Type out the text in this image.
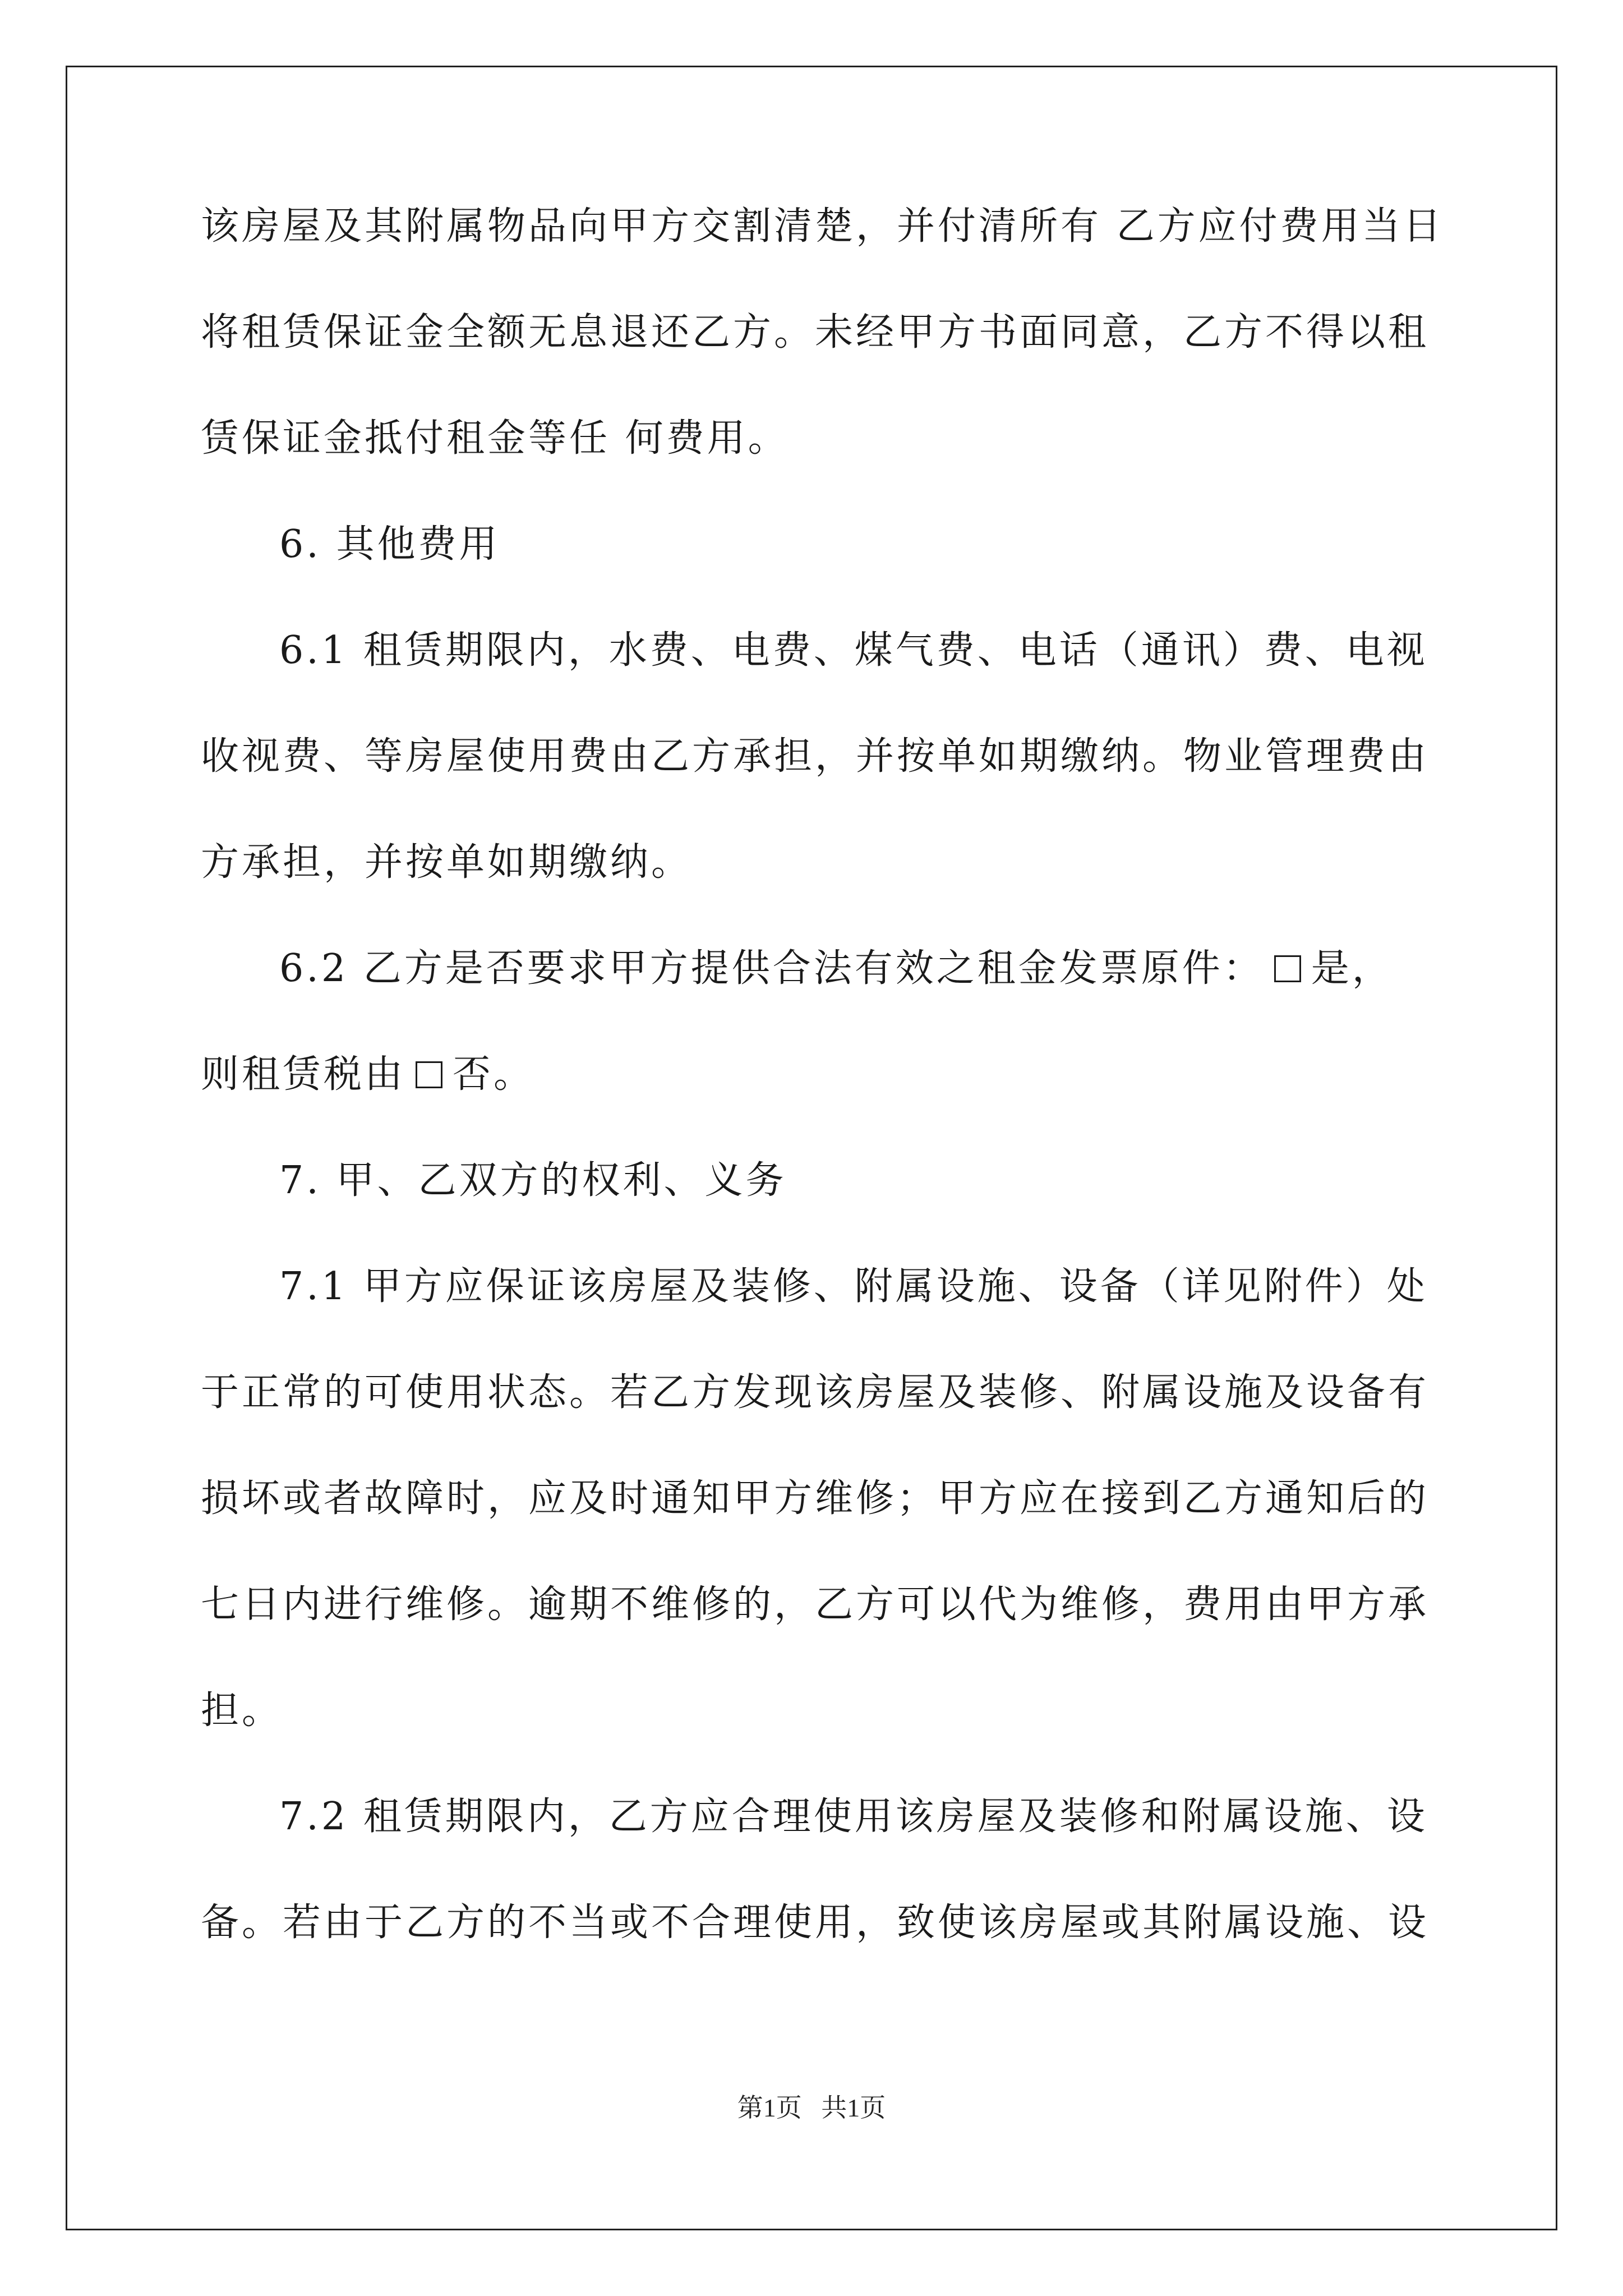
该房屋及其附属物品向甲方交割清楚，并付清所有 乙方应付费用当日
将租赁保证金全额无息退还乙方。未经甲方书面同意，乙方不得以租
赁保证金抵付租金等任 何费用。
6. 其他费用
6.1 租赁期限内，水费、电费、煤气费、电话（通讯）费、电视
收视费、等房屋使用费由乙方承担，并按单如期缴纳。物业管理费由
方承担，并按单如期缴纳。
6.2 乙方是否要求甲方提供合法有效之租金发票原件： 是，
则租赁税由 否。
7. 甲、乙双方的权利、义务
7.1 甲方应保证该房屋及装修、附属设施、设备（详见附件）处
于正常的可使用状态。若乙方发现该房屋及装修、附属设施及设备有
损坏或者故障时，应及时通知甲方维修；甲方应在接到乙方通知后的
七日内进行维修。逾期不维修的，乙方可以代为维修，费用由甲方承
担。
7.2 租赁期限内，乙方应合理使用该房屋及装修和附属设施、设
备。若由于乙方的不当或不合理使用，致使该房屋或其附属设施、设
第1页 共1页
